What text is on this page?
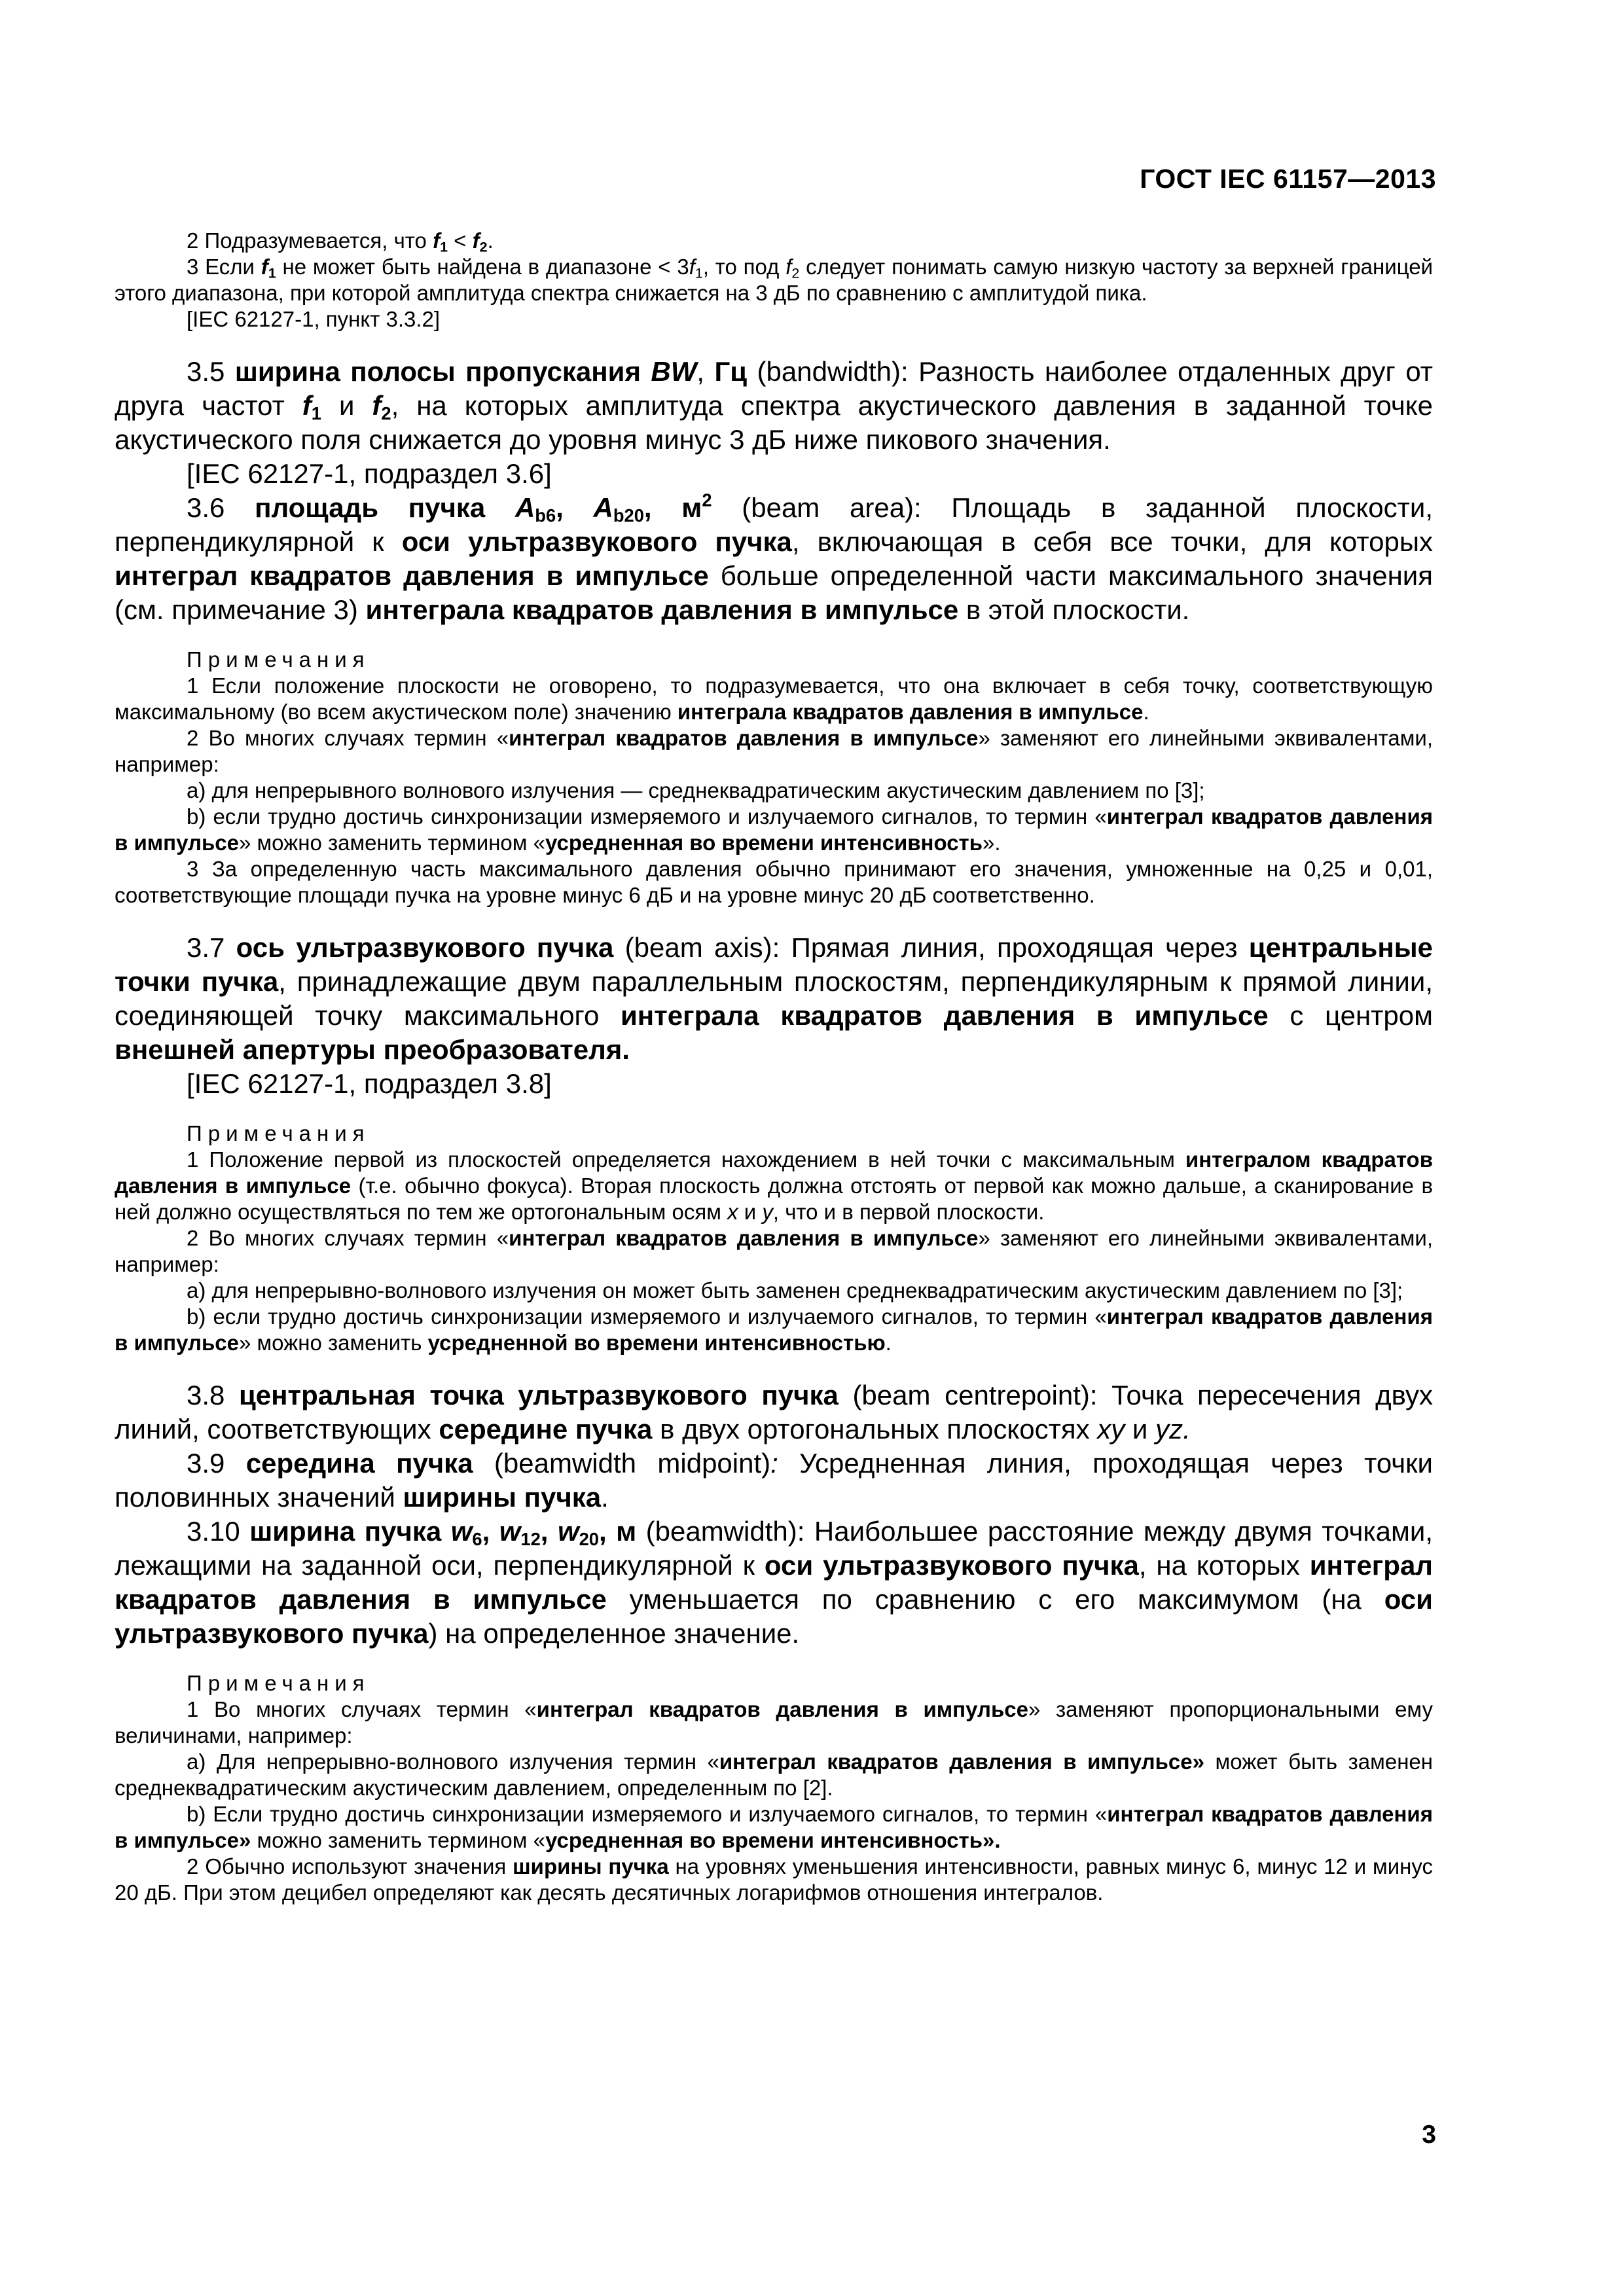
ГОСТ IEC 61157—2013

2 Подразумевается, что $f_1 < f_2$.

3 Если $f_1$ не может быть найдена в диапазоне < $3f_1$, то под $f_2$ следует понимать самую низкую частоту за верхней границей этого диапазона, при которой амплитуда спектра снижается на 3 дБ по сравнению с амплитудой пика.

[IEC 62127-1, пункт 3.3.2]

3.5 ширина полосы пропускания BW, Гц (bandwidth): Разность наиболее отдаленных друг от друга частот $f_1$ и $f_2$, на которых амплитуда спектра акустического давления в заданной точке акустического поля снижается до уровня минус 3 дБ ниже пикового значения.

[IEC 62127-1, подраздел 3.6]

3.6 площадь пучка $A_{b6}$, $A_{b20}$, $м^2$ (beam area): Площадь в заданной плоскости, перпендикулярной к оси ультразвукового пучка, включающая в себя все точки, для которых интеграл квадратов давления в импульсе больше определенной части максимального значения (см. примечание 3) интеграла квадратов давления в импульсе в этой плоскости.

Примечания

1 Если положение плоскости не оговорено, то подразумевается, что она включает в себя точку, соответствующую максимальному (во всем акустическом поле) значению интеграла квадратов давления в импульсе.

2 Во многих случаях термин «интеграл квадратов давления в импульсе» заменяют его линейными эквивалентами, например:

a) для непрерывного волнового излучения — среднеквадратическим акустическим давлением по [3];

b) если трудно достичь синхронизации измеряемого и излучаемого сигналов, то термин «интеграл квадратов давления в импульсе» можно заменить термином «усредненная во времени интенсивность».

3 За определенную часть максимального давления обычно принимают его значения, умноженные на 0,25 и 0,01, соответствующие площади пучка на уровне минус 6 дБ и на уровне минус 20 дБ соответственно.

3.7 ось ультразвукового пучка (beam axis): Прямая линия, проходящая через центральные точки пучка, принадлежащие двум параллельным плоскостям, перпендикулярным к прямой линии, соединяющей точку максимального интеграла квадратов давления в импульсе с центром внешней апертуры преобразователя.

[IEC 62127-1, подраздел 3.8]

Примечания

1 Положение первой из плоскостей определяется нахождением в ней точки с максимальным интегралом квадратов давления в импульсе (т.е. обычно фокуса). Вторая плоскость должна отстоять от первой как можно дальше, а сканирование в ней должно осуществляться по тем же ортогональным осям x и y, что и в первой плоскости.

2 Во многих случаях термин «интеграл квадратов давления в импульсе» заменяют его линейными эквивалентами, например:

a) для непрерывно-волнового излучения он может быть заменен среднеквадратическим акустическим давлением по [3];

b) если трудно достичь синхронизации измеряемого и излучаемого сигналов, то термин «интеграл квадратов давления в импульсе» можно заменить усредненной во времени интенсивностью.

3.8 центральная точка ультразвукового пучка (beam centrepoint): Точка пересечения двух линий, соответствующих середине пучка в двух ортогональных плоскостях xy и yz.

3.9 середина пучка (beamwidth midpoint): Усредненная линия, проходящая через точки половинных значений ширины пучка.

3.10 ширина пучка $w_6$, $w_{12}$, $w_{20}$, м (beamwidth): Наибольшее расстояние между двумя точками, лежащими на заданной оси, перпендикулярной к оси ультразвукового пучка, на которых интеграл квадратов давления в импульсе уменьшается по сравнению с его максимумом (на оси ультразвукового пучка) на определенное значение.

Примечания

1 Во многих случаях термин «интеграл квадратов давления в импульсе» заменяют пропорциональными ему величинами, например:

a) Для непрерывно-волнового излучения термин «интеграл квадратов давления в импульсе» может быть заменен среднеквадратическим акустическим давлением, определенным по [2].

b) Если трудно достичь синхронизации измеряемого и излучаемого сигналов, то термин «интеграл квадратов давления в импульсе» можно заменить термином «усредненная во времени интенсивность».

2 Обычно используют значения ширины пучка на уровнях уменьшения интенсивности, равных минус 6, минус 12 и минус 20 дБ. При этом децибел определяют как десять десятичных логарифмов отношения интегралов.

3
